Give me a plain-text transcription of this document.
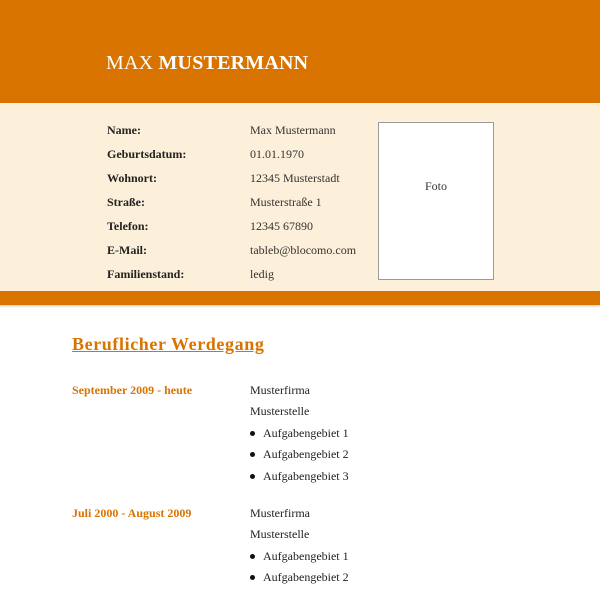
MAX MUSTERMANN
Name:	Max Mustermann
Geburtsdatum:	01.01.1970
Wohnort:	12345 Musterstadt
Straße:	Musterstraße 1
Telefon:	12345 67890
E-Mail:	tableb@blocomo.com
Familienstand:	ledig
Foto
Beruflicher Werdegang
September 2009 - heute	Musterfirma
Musterstelle
Aufgabengebiet 1
Aufgabengebiet 2
Aufgabengebiet 3
Juli 2000 - August 2009	Musterfirma
Musterstelle
Aufgabengebiet 1
Aufgabengebiet 2
